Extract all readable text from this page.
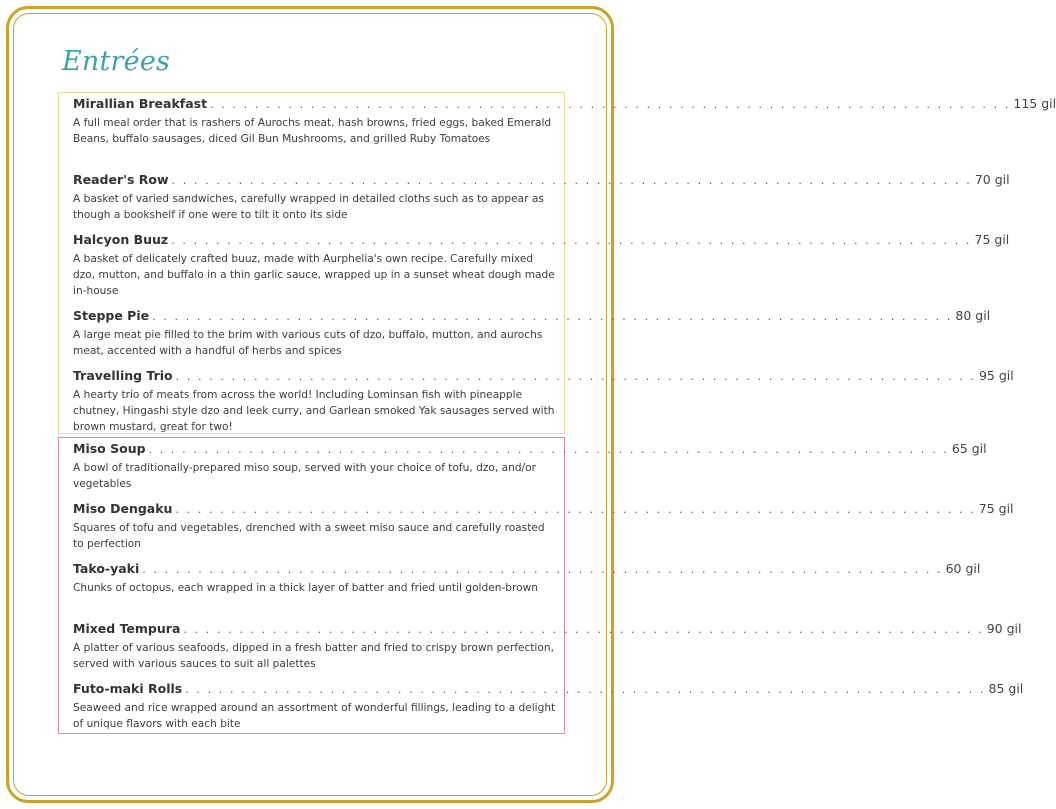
Entrées
Mirallian Breakfast . . . . . . . . . . . . . . . . . . . . . . . . . . . . . . . . . . . . . . . . . . . . . . . . . . . . . . . . . . . . . . . . . . . . . . . . 115 gil
A full meal order that is rashers of Aurochs meat, hash browns, fried eggs, baked Emerald Beans, buffalo sausages, diced Gil Bun Mushrooms, and grilled Ruby Tomatoes
Reader's Row . . . . . . . . . . . . . . . . . . . . . . . . . . . . . . . . . . . . . . . . . . . . . . . . . . . . . . . . . . . . . . . . . . . . . . . . 70 gil
A basket of varied sandwiches, carefully wrapped in detailed cloths such as to appear as though a bookshelf if one were to tilt it onto its side
Halcyon Buuz . . . . . . . . . . . . . . . . . . . . . . . . . . . . . . . . . . . . . . . . . . . . . . . . . . . . . . . . . . . . . . . . . . . . . . . . 75 gil
A basket of delicately crafted buuz, made with Aurphelia's own recipe. Carefully mixed dzo, mutton, and buffalo in a thin garlic sauce, wrapped up in a sunset wheat dough made in-house
Steppe Pie . . . . . . . . . . . . . . . . . . . . . . . . . . . . . . . . . . . . . . . . . . . . . . . . . . . . . . . . . . . . . . . . . . . . . . . . 80 gil
A large meat pie filled to the brim with various cuts of dzo, buffalo, mutton, and aurochs meat, accented with a handful of herbs and spices
Travelling Trio . . . . . . . . . . . . . . . . . . . . . . . . . . . . . . . . . . . . . . . . . . . . . . . . . . . . . . . . . . . . . . . . . . . . . . . . 95 gil
A hearty trio of meats from across the world! Including Lominsan fish with pineapple chutney, Hingashi style dzo and leek curry, and Garlean smoked Yak sausages served with brown mustard, great for two!
Miso Soup . . . . . . . . . . . . . . . . . . . . . . . . . . . . . . . . . . . . . . . . . . . . . . . . . . . . . . . . . . . . . . . . . . . . . . . . 65 gil
A bowl of traditionally-prepared miso soup, served with your choice of tofu, dzo, and/or vegetables
Miso Dengaku . . . . . . . . . . . . . . . . . . . . . . . . . . . . . . . . . . . . . . . . . . . . . . . . . . . . . . . . . . . . . . . . . . . . . . . . 75 gil
Squares of tofu and vegetables, drenched with a sweet miso sauce and carefully roasted to perfection
Tako-yaki . . . . . . . . . . . . . . . . . . . . . . . . . . . . . . . . . . . . . . . . . . . . . . . . . . . . . . . . . . . . . . . . . . . . . . . . 60 gil
Chunks of octopus, each wrapped in a thick layer of batter and fried until golden-brown
Mixed Tempura . . . . . . . . . . . . . . . . . . . . . . . . . . . . . . . . . . . . . . . . . . . . . . . . . . . . . . . . . . . . . . . . . . . . . . . . 90 gil
A platter of various seafoods, dipped in a fresh batter and fried to crispy brown perfection, served with various sauces to suit all palettes
Futo-maki Rolls . . . . . . . . . . . . . . . . . . . . . . . . . . . . . . . . . . . . . . . . . . . . . . . . . . . . . . . . . . . . . . . . . . . . . . . . 85 gil
Seaweed and rice wrapped around an assortment of wonderful fillings, leading to a delight of unique flavors with each bite
